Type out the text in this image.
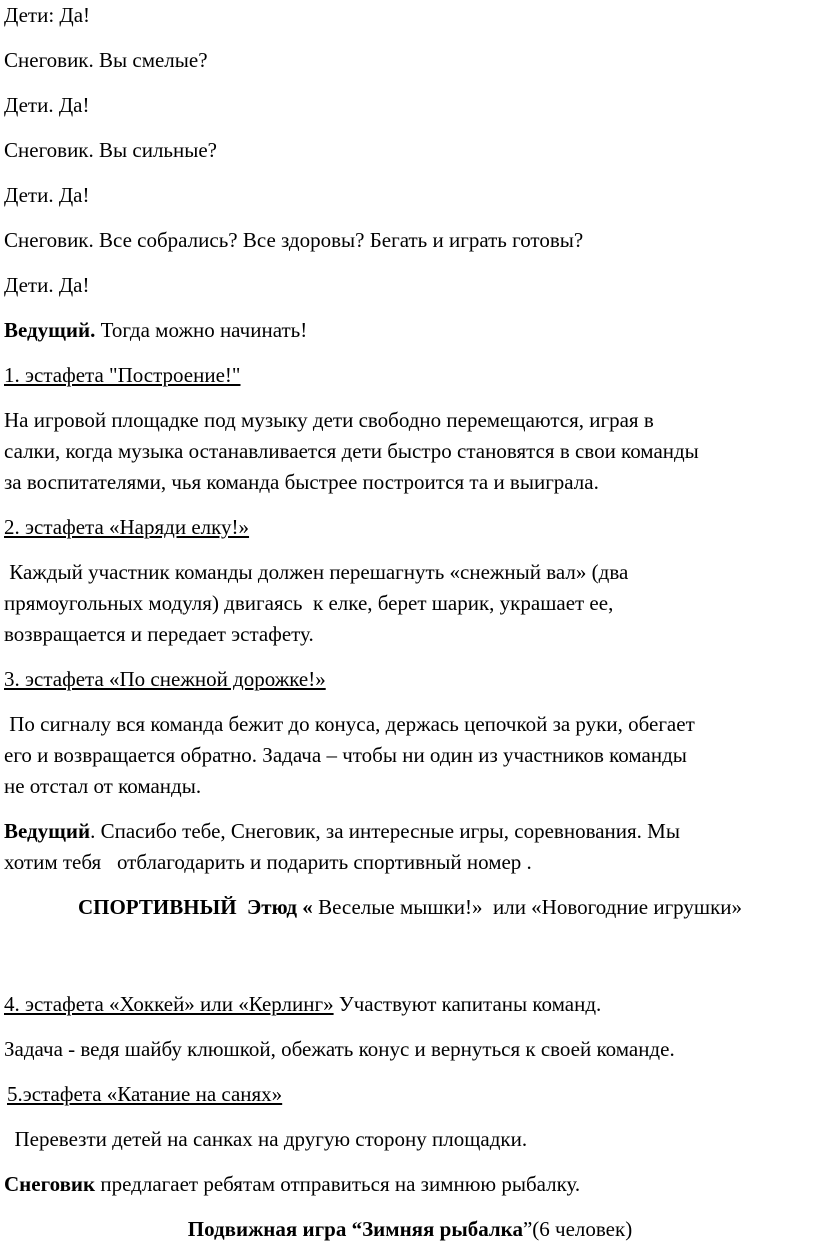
Дети: Да!

Снеговик. Вы смелые?

Дети. Да!

Снеговик. Вы сильные?

Дети. Да!

Снеговик. Все собрались? Все здоровы? Бегать и играть готовы?

Дети. Да!

Ведущий. Тогда можно начинать!

1. эстафета "Построение!"

На игровой площадке под музыку дети свободно перемещаются, играя в
салки, когда музыка останавливается дети быстро становятся в свои команды
за воспитателями, чья команда быстрее построится та и выиграла.

2. эстафета «Наряди елку!»

Каждый участник команды должен перешагнуть «снежный вал» (два
прямоугольных модуля) двигаясь  к елке, берет шарик, украшает ее,
возвращается и передает эстафету.

3. эстафета «По снежной дорожке!»

По сигналу вся команда бежит до конуса, держась цепочкой за руки, обегает
его и возвращается обратно. Задача – чтобы ни один из участников команды
не отстал от команды.
Ведущий. Спасибо тебе, Снеговик, за интересные игры, соревнования. Мы
хотим тебя   отблагодарить и подарить спортивный номер .

СПОРТИВНЫЙ  Этюд « Веселые мышки!»  или «Новогодние игрушки»

4. эстафета «Хоккей» или «Керлинг» Участвуют капитаны команд.

Задача - ведя шайбу клюшкой, обежать конус и вернуться к своей команде.

5.эстафета «Катание на санях»

Перевезти детей на санках на другую сторону площадки.

Снеговик предлагает ребятам отправиться на зимнюю рыбалку.

Подвижная игра “Зимняя рыбалка”(6 человек)
